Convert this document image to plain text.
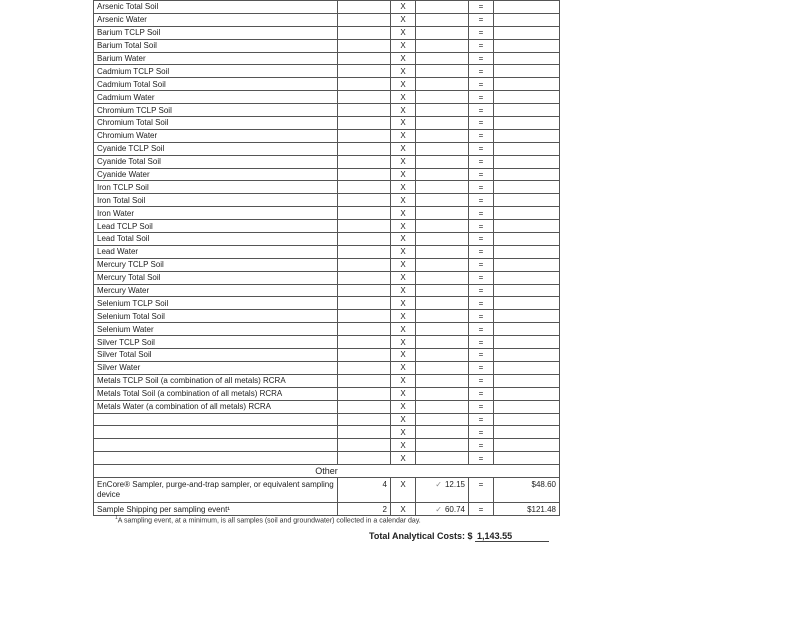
Arsenic Total Soil		X		=	
Arsenic Water		X		=	
Barium TCLP Soil		X		=	
Barium Total Soil		X		=	
Barium Water		X		=	
Cadmium TCLP Soil		X		=	
Cadmium Total Soil		X		=	
Cadmium Water		X		=	
Chromium TCLP Soil		X		=	
Chromium Total Soil		X		=	
Chromium Water		X		=	
Cyanide TCLP Soil		X		=	
Cyanide Total Soil		X		=	
Cyanide Water		X		=	
Iron TCLP Soil		X		=	
Iron Total Soil		X		=	
Iron Water		X		=	
Lead TCLP Soil		X		=	
Lead Total Soil		X		=	
Lead Water		X		=	
Mercury TCLP Soil		X		=	
Mercury Total Soil		X		=	
Mercury Water		X		=	
Selenium TCLP Soil		X		=	
Selenium Total Soil		X		=	
Selenium Water		X		=	
Silver TCLP Soil		X		=	
Silver Total Soil		X		=	
Silver Water		X		=	
Metals TCLP Soil (a combination of all metals) RCRA		X		=	
Metals Total Soil (a combination of all metals) RCRA		X		=	
Metals Water (a combination of all metals) RCRA		X		=	
		X		=	
		X		=	
		X		=	
		X		=	
Other					
EnCore® Sampler, purge-and-trap sampler, or equivalent sampling device	4	X	✓ 12.15	=	$48.60
Sample Shipping per sampling event¹	2	X	✓ 60.74	=	$121.48
$^1$A sampling event, at a minimum, is all samples (soil and groundwater) collected in a calendar day.
Total Analytical Costs: $ 1,143.55
